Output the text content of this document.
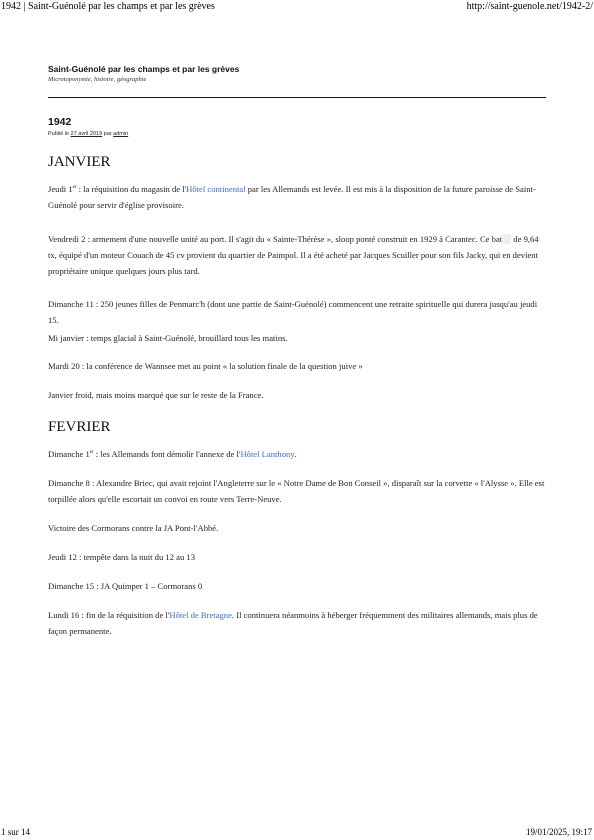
1942 | Saint-Guénolé par les champs et par les grèves	http://saint-guenole.net/1942-2/

Saint-Guénolé par les champs et par les grèves

Microtoponymie, histoire, géographie

1942

Publié le 27 avril 2019 par admin

JANVIER

Jeudi 1er : la réquisition du magasin de l'Hôtel continental par les Allemands est levée. Il est mis à la disposition de la future paroisse de Saint-Guénolé pour servir d'église provisoire.

Vendredi 2 : armement d'une nouvelle unité au port. Il s'agit du « Sainte-Thérèse », sloop ponté construit en 1929 à Carantec. Ce bat de 9,64 tx, équipé d'un moteur Couach de 45 cv provient du quartier de Paimpol. Il a été acheté par Jacques Scuiller pour son fils Jacky, qui en devient propriétaire unique quelques jours plus tard.

Dimanche 11 : 250 jeunes filles de Penmarc'h (dont une partie de Saint-Guénolé) commencent une retraite spirituelle qui durera jusqu'au jeudi 15.

Mi janvier : temps glacial à Saint-Guénolé, brouillard tous les matins.

Mardi 20 : la conférence de Wannsee met au point « la solution finale de la question juive »

Janvier froid, mais moins marqué que sur le reste de la France.

FEVRIER

Dimanche 1er : les Allemands font démolir l'annexe de l'Hôtel Lanthony.

Dimanche 8 : Alexandre Briec, qui avait rejoint l'Angleterre sur le « Notre Dame de Bon Conseil », disparaît sur la corvette « l'Alysse ». Elle est torpillée alors qu'elle escortait un convoi en route vers Terre-Neuve.

Victoire des Cormorans contre la JA Pont-l'Abbé.

Jeudi 12 : tempête dans la nuit du 12 au 13

Dimanche 15 : JA Quimper 1 – Cormorans 0

Lundi 16 : fin de la réquisition de l'Hôtel de Bretagne. Il continuera néanmoins à héberger fréquemment des militaires allemands, mais plus de façon permanente.

1 sur 14	19/01/2025, 19:17
